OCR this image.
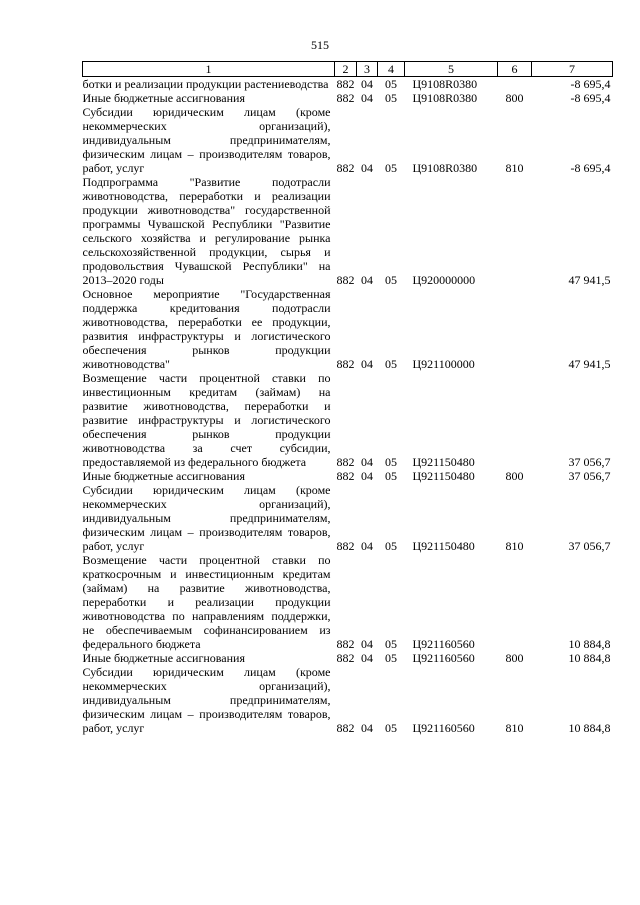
515
1	2	3	4	5	6	7
ботки и реализации продукции растениеводства	882	04	05	Ц9108R0380		-8 695,4
Иные бюджетные ассигнования	882	04	05	Ц9108R0380	800	-8 695,4
Субсидии юридическим лицам (кроме некоммерческих организаций), индивидуальным предпринимателям, физическим лицам – производителям товаров, работ, услуг	882	04	05	Ц9108R0380	810	-8 695,4
Подпрограмма "Развитие подотрасли животноводства, переработки и реализации продукции животноводства" государственной программы Чувашской Республики "Развитие сельского хозяйства и регулирование рынка сельскохозяйственной продукции, сырья и продовольствия Чувашской Республики" на 2013–2020 годы	882	04	05	Ц920000000		47 941,5
Основное мероприятие "Государственная поддержка кредитования подотрасли животноводства, переработки ее продукции, развития инфраструктуры и логистического обеспечения рынков продукции животноводства"	882	04	05	Ц921100000		47 941,5
Возмещение части процентной ставки по инвестиционным кредитам (займам) на развитие животноводства, переработки и развитие инфраструктуры и логистического обеспечения рынков продукции животноводства за счет субсидии, предоставляемой из федерального бюджета	882	04	05	Ц921150480		37 056,7
Иные бюджетные ассигнования	882	04	05	Ц921150480	800	37 056,7
Субсидии юридическим лицам (кроме некоммерческих организаций), индивидуальным предпринимателям, физическим лицам – производителям товаров, работ, услуг	882	04	05	Ц921150480	810	37 056,7
Возмещение части процентной ставки по краткосрочным и инвестиционным кредитам (займам) на развитие животноводства, переработки и реализации продукции животноводства по направлениям поддержки, не обеспечиваемым софинансированием из федерального бюджета	882	04	05	Ц921160560		10 884,8
Иные бюджетные ассигнования	882	04	05	Ц921160560	800	10 884,8
Субсидии юридическим лицам (кроме некоммерческих организаций), индивидуальным предпринимателям, физическим лицам – производителям товаров, работ, услуг	882	04	05	Ц921160560	810	10 884,8
